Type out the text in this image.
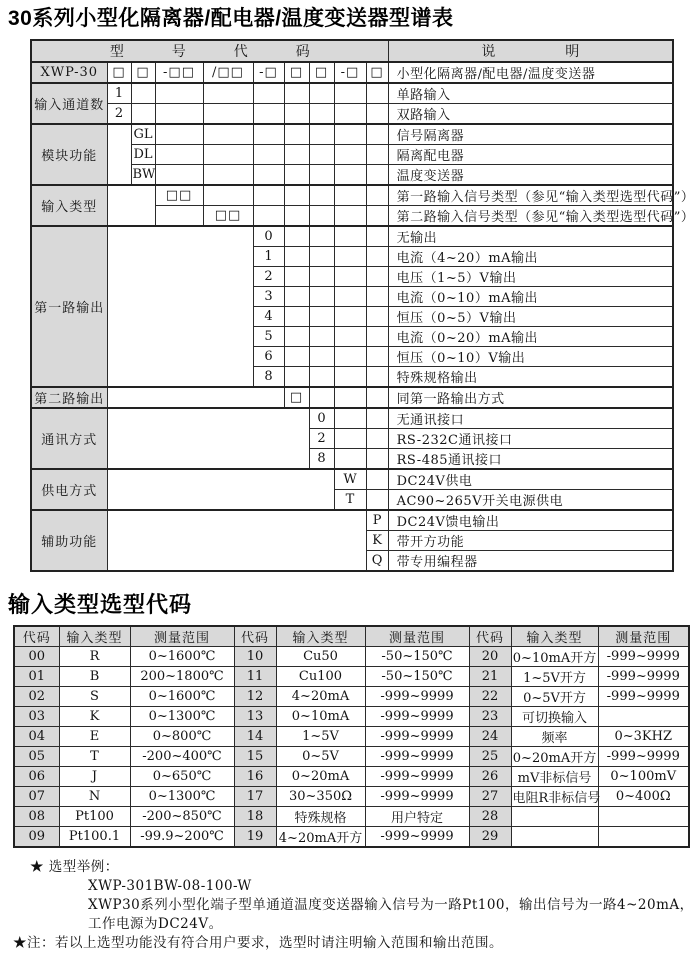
30系列小型化隔离器/配电器/温度变送器型谱表
型号代码										说明
XWP-30	□	□	-□□	/□□	-□	□	□	-□	□	小型化隔离器/配电器/温度变送器
输入通道数	1									单路输入
	2									双路输入
模块功能		GL								信号隔离器
		DL								隔离配电器
		BW								温度变送器
输入类型			□□							第一路输入信号类型（参见“输入类型选型代码”）
				□□						第二路输入信号类型（参见“输入类型选型代码”）
第一路输出					0					无输出
					1					电流（4~20）mA输出
					2					电压（1~5）V输出
					3					电流（0~10）mA输出
					4					恒压（0~5）V输出
					5					电流（0~20）mA输出
					6					恒压（0~10）V输出
					8					特殊规格输出
第二路输出						□				同第一路输出方式
通讯方式							0			无通讯接口
							2			RS-232C通讯接口
							8			RS-485通讯接口
供电方式								W		DC24V供电
								T		AC90~265V开关电源供电
辅助功能									P	DC24V馈电输出
									K	带开方功能
									Q	带专用编程器
输入类型选型代码
代码	输入类型	测量范围	代码	输入类型	测量范围	代码	输入类型	测量范围
00	R	0~1600℃	10	Cu50	-50~150℃	20	0~10mA开方	-999~9999
01	B	200~1800℃	11	Cu100	-50~150℃	21	1~5V开方	-999~9999
02	S	0~1600℃	12	4~20mA	-999~9999	22	0~5V开方	-999~9999
03	K	0~1300℃	13	0~10mA	-999~9999	23	可切换输入	
04	E	0~800℃	14	1~5V	-999~9999	24	频率	0~3KHZ
05	T	-200~400℃	15	0~5V	-999~9999	25	0~20mA开方	-999~9999
06	J	0~650℃	16	0~20mA	-999~9999	26	mV非标信号	0~100mV
07	N	0~1300℃	17	30~350Ω	-999~9999	27	电阻R非标信号	0~400Ω
08	Pt100	-200~850℃	18	特殊规格	用户特定	28		
09	Pt100.1	-99.9~200℃	19	4~20mA开方	-999~9999	29		
★ 选型举例：
XWP-301BW-08-100-W
XWP30系列小型化端子型单通道温度变送器输入信号为一路Pt100，输出信号为一路4~20mA，
工作电源为DC24V。
★注：若以上选型功能没有符合用户要求，选型时请注明输入范围和输出范围。
